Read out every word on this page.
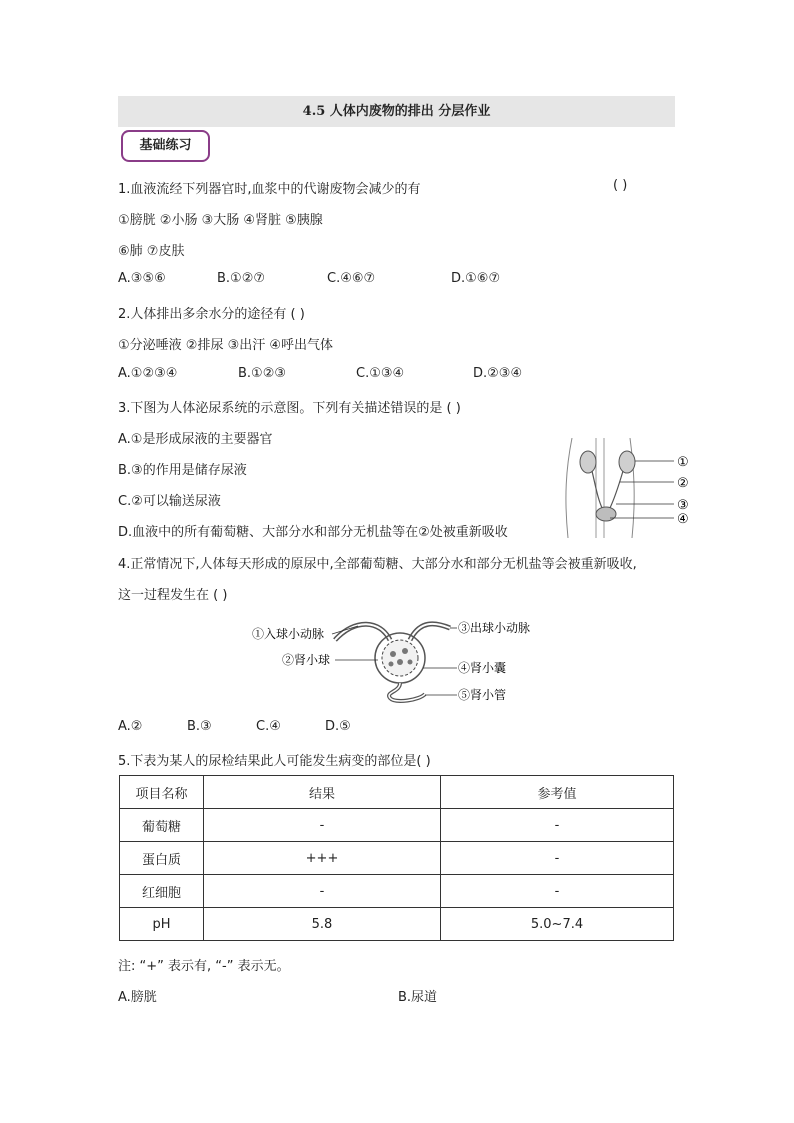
4.5 人体内废物的排出 分层作业
基础练习
1.血液流经下列器官时,血浆中的代谢废物会减少的有	( )
①膀胱 ②小肠 ③大肠 ④肾脏 ⑤胰腺
⑥肺 ⑦皮肤
A.③⑤⑥	B.①②⑦	C.④⑥⑦	D.①⑥⑦
2.人体排出多余水分的途径有 ( )
①分泌唾液 ②排尿 ③出汗 ④呼出气体
A.①②③④	B.①②③	C.①③④	D.②③④
3.下图为人体泌尿系统的示意图。下列有关描述错误的是 ( )
A.①是形成尿液的主要器官
B.③的作用是储存尿液
C.②可以输送尿液
D.血液中的所有葡萄糖、大部分水和部分无机盐等在②处被重新吸收
①
②
③
④
4.正常情况下,人体每天形成的原尿中,全部葡萄糖、大部分水和部分无机盐等会被重新吸收,
这一过程发生在 ( )
①入球小动脉
②肾小球
③出球小动脉
④肾小囊
⑤肾小管
A.②	B.③	C.④	D.⑤
5.下表为某人的尿检结果此人可能发生病变的部位是( )
项目名称	结果	参考值
葡萄糖	-	-
蛋白质	+++	-
红细胞	-	-
pH	5.8	5.0~7.4
注: “+” 表示有, “-” 表示无。
A.膀胱	B.尿道
